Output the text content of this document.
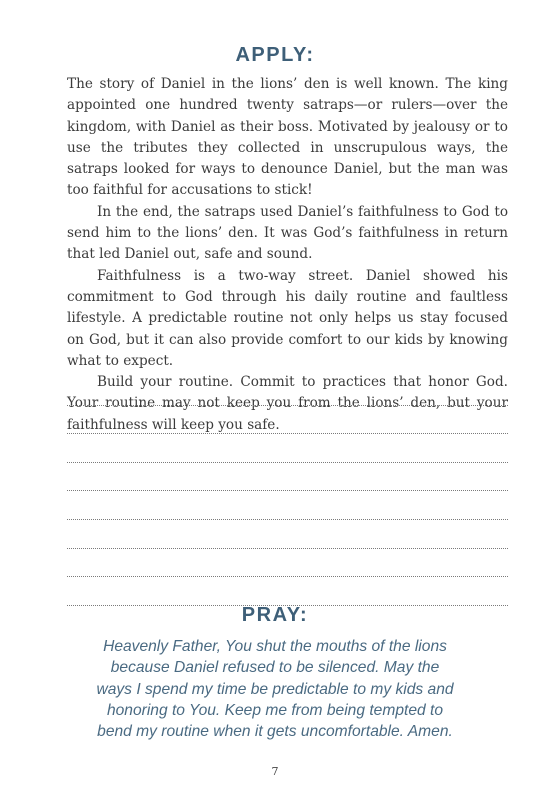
APPLY:

The story of Daniel in the lions’ den is well known. The king appointed one hundred twenty satraps—or rulers—over the kingdom, with Daniel as their boss. Motivated by jealousy or to use the tributes they collected in unscrupulous ways, the satraps looked for ways to denounce Daniel, but the man was too faithful for accusations to stick!

In the end, the satraps used Daniel’s faithfulness to God to send him to the lions’ den. It was God’s faithfulness in return that led Daniel out, safe and sound.

Faithfulness is a two-way street. Daniel showed his commitment to God through his daily routine and faultless lifestyle. A predictable routine not only helps us stay focused on God, but it can also provide comfort to our kids by knowing what to expect.

Build your routine. Commit to practices that honor God. Your routine may not keep you from the lions’ den, but your faithfulness will keep you safe.

PRAY:
Heavenly Father, You shut the mouths of the lions
because Daniel refused to be silenced. May the
ways I spend my time be predictable to my kids and
honoring to You. Keep me from being tempted to
bend my routine when it gets uncomfortable. Amen.
7
